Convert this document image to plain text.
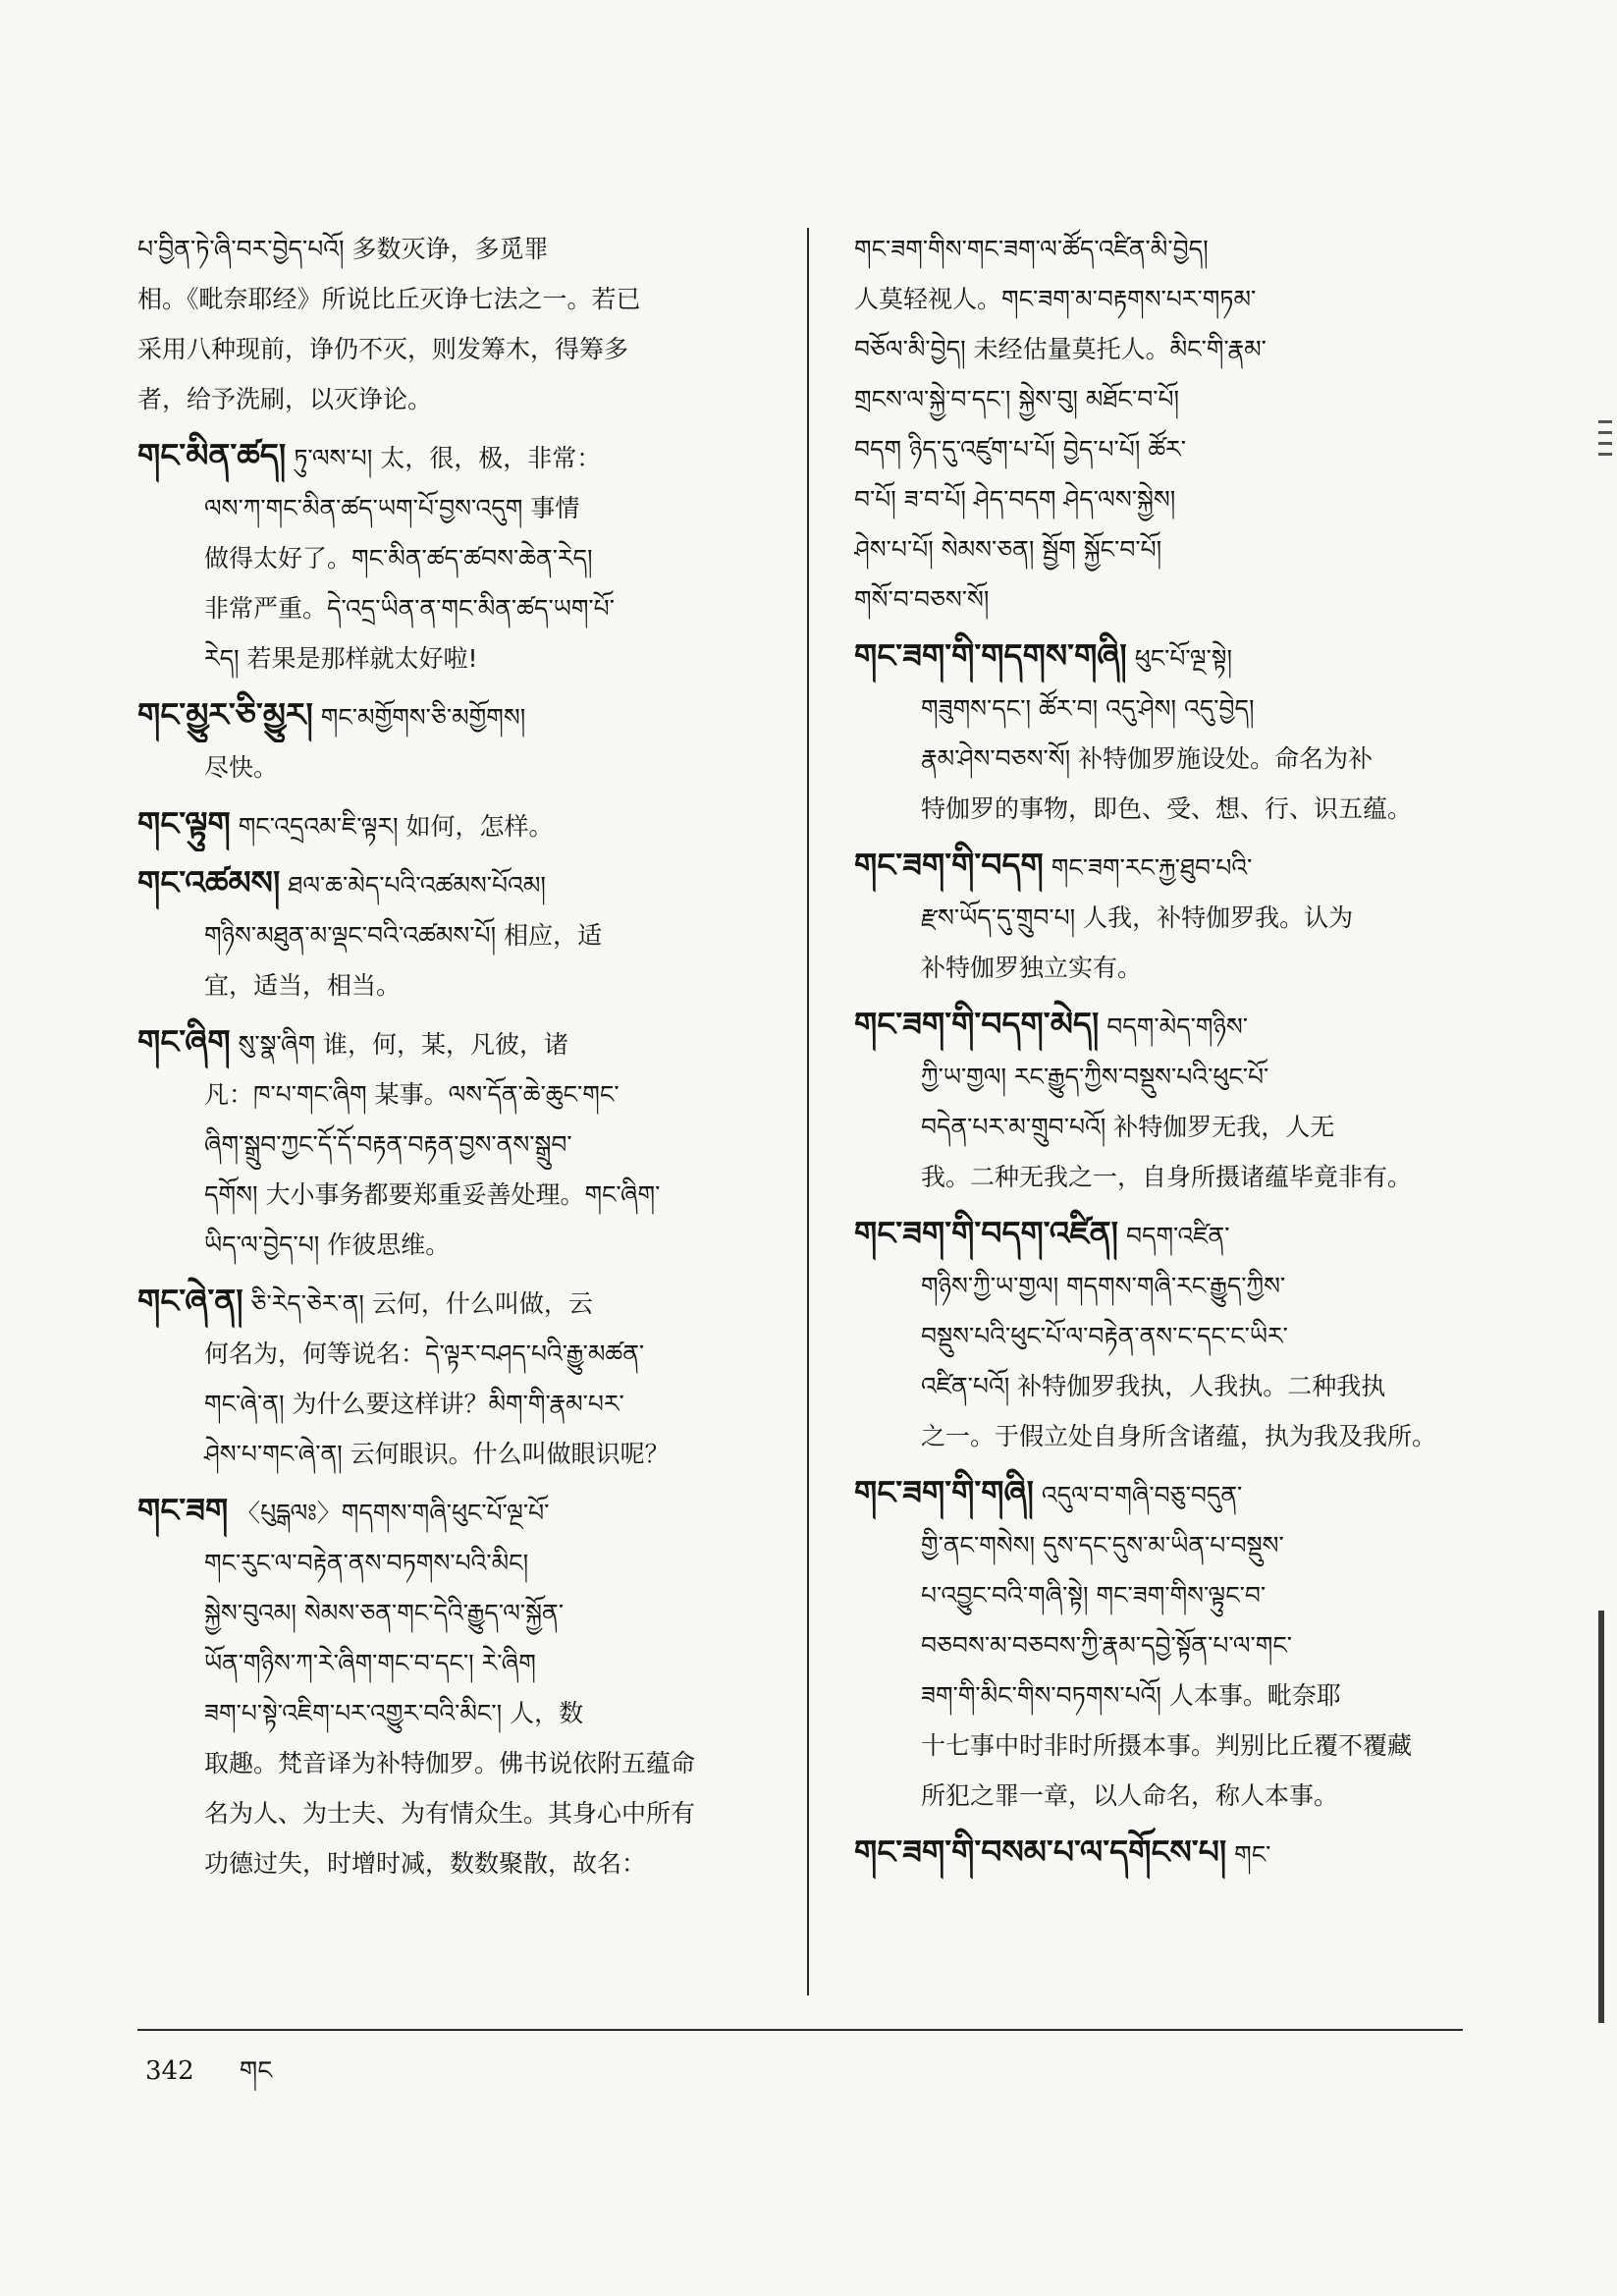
པ་བྱིན་ཏེ་ཞི་བར་བྱེད་པའོ། 多数灭诤，多觅罪
相。《毗奈耶经》所说比丘灭诤七法之一。若已
采用八种现前，诤仍不灭，则发筹木，得筹多
者，给予洗刷，以灭诤论。
གང་མིན་ཚད། ཏུ་ལས་པ། 太，很，极，非常：
ལས་ཀ་གང་མིན་ཚད་ཡག་པོ་བྱས་འདུག 事情
做得太好了。གང་མིན་ཚད་ཚབས་ཆེན་རེད།
非常严重。དེ་འདྲ་ཡིན་ན་གང་མིན་ཚད་ཡག་པོ་
རེད། 若果是那样就太好啦!
གང་མྱུར་ཅི་མྱུར། གང་མགྱོགས་ཅི་མགྱོགས།
尽快。
གང་ལྟུག གང་འདྲའམ་ཇི་ལྟར། 如何，怎样。
གང་འཚམས། ཐལ་ཆ་མེད་པའི་འཚམས་པོའམ།
གཉིས་མཐུན་མ་ལྡང་བའི་འཚམས་པོ། 相应，适
宜，适当，相当。
གང་ཞིག སུ་སྣ་ཞིག 谁，何，某，凡彼，诸
凡：ཁ་པ་གང་ཞིག 某事。ལས་དོན་ཆེ་ཆུང་གང་
ཞིག་སྒྲུབ་ཀྱང་དོ་དོ་བརྟན་བརྟན་བྱས་ནས་སྒྲུབ་
དགོས། 大小事务都要郑重妥善处理。གང་ཞིག་
ཡིད་ལ་བྱེད་པ། 作彼思维。
གང་ཞེ་ན། ཅི་རེད་ཅེར་ན། 云何，什么叫做，云
何名为，何等说名：དེ་ལྟར་བཤད་པའི་རྒྱུ་མཚན་
གང་ཞེ་ན། 为什么要这样讲？མིག་གི་རྣམ་པར་
ཤེས་པ་གང་ཞེ་ན། 云何眼识。什么叫做眼识呢？
གང་ཟག 〈པུདྒལཿ〉གདགས་གཞི་ཕུང་པོ་ལྔ་པོ་
གང་རུང་ལ་བརྟེན་ནས་བཏགས་པའི་མིང།
སྐྱེས་བུའམ། སེམས་ཅན་གང་དེའི་རྒྱུད་ལ་སྐྱོན་
ཡོན་གཉིས་ཀ་རེ་ཞིག་གང་བ་དང་། རེ་ཞིག
ཟག་པ་སྟེ་འཇིག་པར་འགྱུར་བའི་མིང་། 人，数
取趣。梵音译为补特伽罗。佛书说依附五蕴命
名为人、为士夫、为有情众生。其身心中所有
功德过失，时增时减，数数聚散，故名：
གང་ཟག་གིས་གང་ཟག་ལ་ཚོད་འཛིན་མི་བྱེད།
人莫轻视人。གང་ཟག་མ་བརྟགས་པར་གཏམ་
བཅོལ་མི་བྱེད། 未经估量莫托人。མིང་གི་རྣམ་
གྲངས་ལ་སྐྱེ་བ་དང་། སྐྱེས་བུ། མཐོང་བ་པོ།
བདག ཉིད་དུ་འཛུག་པ་པོ། བྱེད་པ་པོ། ཚོར་
བ་པོ། ཟ་བ་པོ། ཤེད་བདག ཤེད་ལས་སྐྱེས།
ཤེས་པ་པོ། སེམས་ཅན། སྦྱོག སྐྱོང་བ་པོ།
གསོ་བ་བཅས་སོ།
གང་ཟག་གི་གདགས་གཞི། ཕུང་པོ་ལྔ་སྟེ།
གཟུགས་དང་། ཚོར་བ། འདུ་ཤེས། འདུ་བྱེད།
རྣམ་ཤེས་བཅས་སོ། 补特伽罗施设处。命名为补
特伽罗的事物，即色、受、想、行、识五蕴。
གང་ཟག་གི་བདག གང་ཟག་རང་རྐྱ་ཐུབ་པའི་
རྫས་ཡོད་དུ་གྲུབ་པ། 人我，补特伽罗我。认为
补特伽罗独立实有。
གང་ཟག་གི་བདག་མེད། བདག་མེད་གཉིས་
ཀྱི་ཡ་གྱལ། རང་རྒྱུད་ཀྱིས་བསྡུས་པའི་ཕུང་པོ་
བདེན་པར་མ་གྲུབ་པའོ། 补特伽罗无我，人无
我。二种无我之一，自身所摄诸蕴毕竟非有。
གང་ཟག་གི་བདག་འཛིན། བདག་འཛིན་
གཉིས་ཀྱི་ཡ་གྱལ། གདགས་གཞི་རང་རྒྱུད་ཀྱིས་
བསྡུས་པའི་ཕུང་པོ་ལ་བརྟེན་ནས་ང་དང་ང་ཡིར་
འཛིན་པའོ། 补特伽罗我执，人我执。二种我执
之一。于假立处自身所含诸蕴，执为我及我所。
གང་ཟག་གི་གཞི། འདུལ་བ་གཞི་བཅུ་བདུན་
གྱི་ནང་གསེས། དུས་དང་དུས་མ་ཡིན་པ་བསྡུས་
པ་འབྱུང་བའི་གཞི་སྟེ། གང་ཟག་གིས་ལྟུང་བ་
བཅབས་མ་བཅབས་ཀྱི་རྣམ་དབྱེ་སྟོན་པ་ལ་གང་
ཟག་གི་མིང་གིས་བཏགས་པའོ། 人本事。毗奈耶
十七事中时非时所摄本事。判别比丘覆不覆藏
所犯之罪一章，以人命名，称人本事。
གང་ཟག་གི་བསམ་པ་ལ་དགོངས་པ། གང་
342 གང
